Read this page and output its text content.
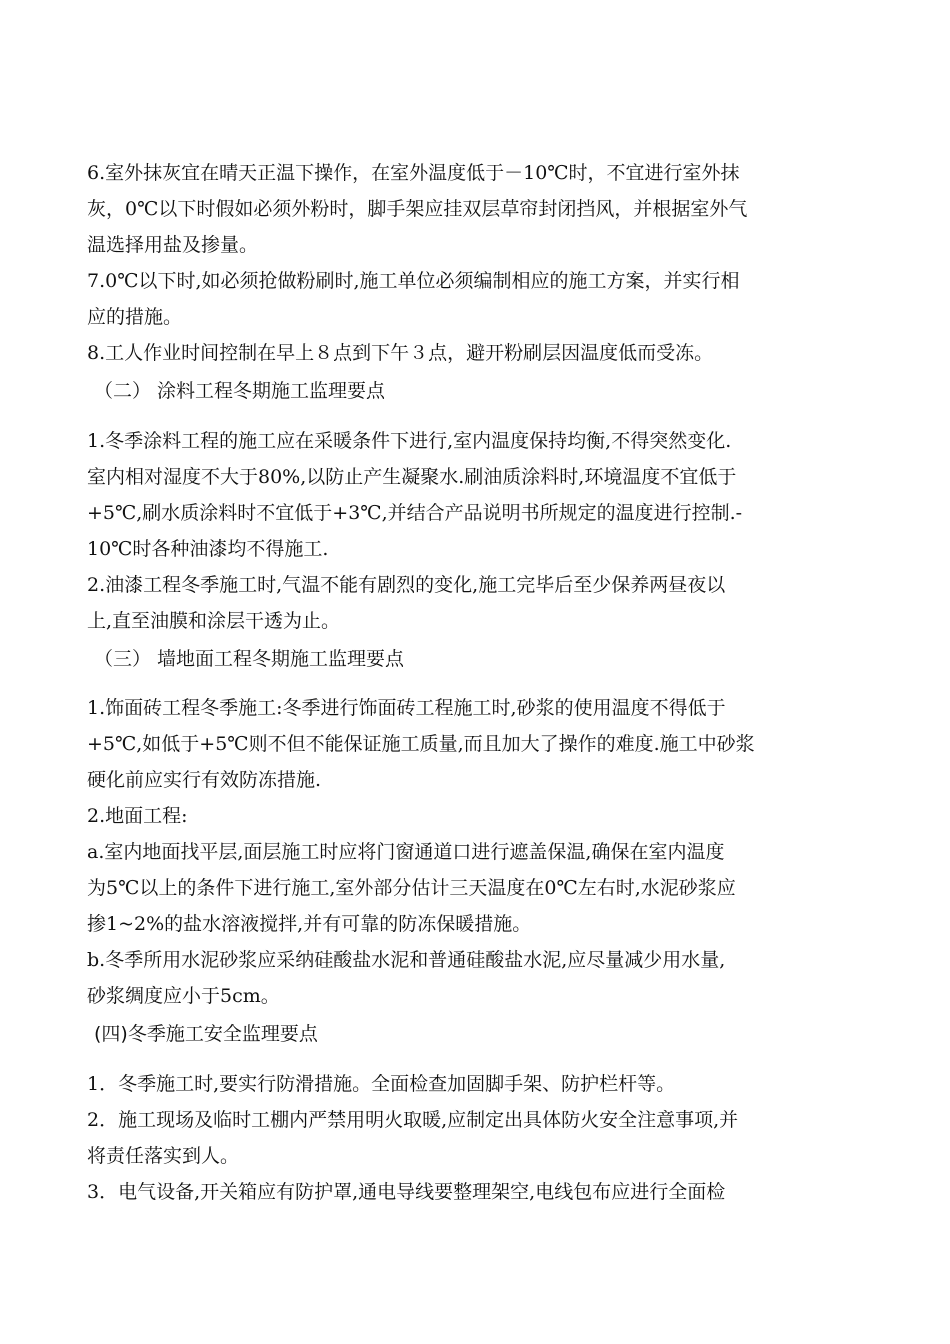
6.室外抹灰宜在晴天正温下操作，在室外温度低于－10℃时，不宜进行室外抹
灰，0℃以下时假如必须外粉时，脚手架应挂双层草帘封闭挡风，并根据室外气
温选择用盐及掺量。
7.0℃以下时,如必须抢做粉刷时,施工单位必须编制相应的施工方案，并实行相
应的措施。
8.工人作业时间控制在早上８点到下午３点，避开粉刷层因温度低而受冻。
（二） 涂料工程冬期施工监理要点
1.冬季涂料工程的施工应在采暖条件下进行,室内温度保持均衡,不得突然变化.
室内相对湿度不大于80%,以防止产生凝聚水.刷油质涂料时,环境温度不宜低于
+5℃,刷水质涂料时不宜低于+3℃,并结合产品说明书所规定的温度进行控制.-
10℃时各种油漆均不得施工.
2.油漆工程冬季施工时,气温不能有剧烈的变化,施工完毕后至少保养两昼夜以
上,直至油膜和涂层干透为止。
（三） 墙地面工程冬期施工监理要点
1.饰面砖工程冬季施工:冬季进行饰面砖工程施工时,砂浆的使用温度不得低于
+5℃,如低于+5℃则不但不能保证施工质量,而且加大了操作的难度.施工中砂浆
硬化前应实行有效防冻措施.
2.地面工程:
a.室内地面找平层,面层施工时应将门窗通道口进行遮盖保温,确保在室内温度
为5℃以上的条件下进行施工,室外部分估计三天温度在0℃左右时,水泥砂浆应
掺1~2%的盐水溶液搅拌,并有可靠的防冻保暖措施。
b.冬季所用水泥砂浆应采纳硅酸盐水泥和普通硅酸盐水泥,应尽量减少用水量,
砂浆绸度应小于5cm。
(四)冬季施工安全监理要点
1．冬季施工时,要实行防滑措施。全面检查加固脚手架、防护栏杆等。
2．施工现场及临时工棚内严禁用明火取暖,应制定出具体防火安全注意事项,并
将责任落实到人。
3．电气设备,开关箱应有防护罩,通电导线要整理架空,电线包布应进行全面检
